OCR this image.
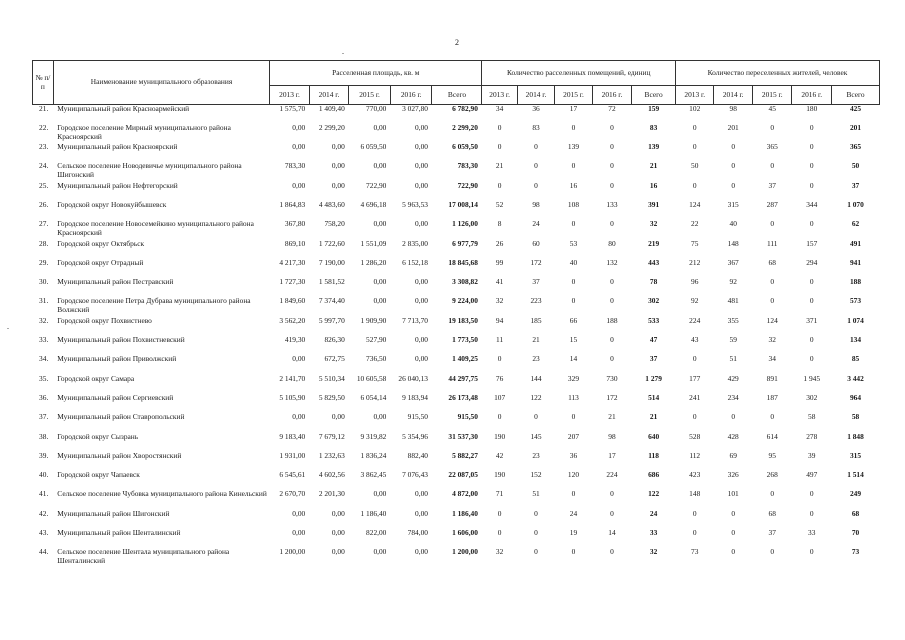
2
.
.
№ п/п	Наименование муниципального образования	Расселенная площадь, кв. м					Количество расселенных помещений, единиц					Количество переселенных жителей, человек				
		2013 г.	2014 г.	2015 г.	2016 г.	Всего	2013 г.	2014 г.	2015 г.	2016 г.	Всего	2013 г.	2014 г.	2015 г.	2016 г.	Всего
21.	Муниципальный район Красноармейский	1 575,70	1 409,40	770,00	3 027,80	6 782,90	34	36	17	72	159	102	98	45	180	425
22.	Городское поселение Мирный муниципального района Красноярский	0,00	2 299,20	0,00	0,00	2 299,20	0	83	0	0	83	0	201	0	0	201
23.	Муниципальный район Красноярский	0,00	0,00	6 059,50	0,00	6 059,50	0	0	139	0	139	0	0	365	0	365
24.	Сельское поселение Новодевичье муниципального района Шигонский	783,30	0,00	0,00	0,00	783,30	21	0	0	0	21	50	0	0	0	50
25.	Муниципальный район Нефтегорский	0,00	0,00	722,90	0,00	722,90	0	0	16	0	16	0	0	37	0	37
26.	Городской округ Новокуйбышевск	1 864,83	4 483,60	4 696,18	5 963,53	17 008,14	52	98	108	133	391	124	315	287	344	1 070
27.	Городское поселение Новосемейкино муниципального района Красноярский	367,80	758,20	0,00	0,00	1 126,00	8	24	0	0	32	22	40	0	0	62
28.	Городской округ Октябрьск	869,10	1 722,60	1 551,09	2 835,00	6 977,79	26	60	53	80	219	75	148	111	157	491
29.	Городской округ Отрадный	4 217,30	7 190,00	1 286,20	6 152,18	18 845,68	99	172	40	132	443	212	367	68	294	941
30.	Муниципальный район Пестравский	1 727,30	1 581,52	0,00	0,00	3 308,82	41	37	0	0	78	96	92	0	0	188
31.	Городское поселение Петра Дубрава муниципального района Волжский	1 849,60	7 374,40	0,00	0,00	9 224,00	32	223	0	0	302	92	481	0	0	573
32.	Городской округ Похвистнево	3 562,20	5 997,70	1 909,90	7 713,70	19 183,50	94	185	66	188	533	224	355	124	371	1 074
33.	Муниципальный район Похвистневский	419,30	826,30	527,90	0,00	1 773,50	11	21	15	0	47	43	59	32	0	134
34.	Муниципальный район Приволжский	0,00	672,75	736,50	0,00	1 409,25	0	23	14	0	37	0	51	34	0	85
35.	Городской округ Самара	2 141,70	5 510,34	10 605,58	26 040,13	44 297,75	76	144	329	730	1 279	177	429	891	1 945	3 442
36.	Муниципальный район Сергиевский	5 105,90	5 829,50	6 054,14	9 183,94	26 173,48	107	122	113	172	514	241	234	187	302	964
37.	Муниципальный район Ставропольский	0,00	0,00	0,00	915,50	915,50	0	0	0	21	21	0	0	0	58	58
38.	Городской округ Сызрань	9 183,40	7 679,12	9 319,82	5 354,96	31 537,30	190	145	207	98	640	528	428	614	278	1 848
39.	Муниципальный район Хворостянский	1 931,00	1 232,63	1 836,24	882,40	5 882,27	42	23	36	17	118	112	69	95	39	315
40.	Городской округ Чапаевск	6 545,61	4 602,56	3 862,45	7 076,43	22 087,05	190	152	120	224	686	423	326	268	497	1 514
41.	Сельское поселение Чубовка муниципального района Кинельский	2 670,70	2 201,30	0,00	0,00	4 872,00	71	51	0	0	122	148	101	0	0	249
42.	Муниципальный район Шигонский	0,00	0,00	1 186,40	0,00	1 186,40	0	0	24	0	24	0	0	68	0	68
43.	Муниципальный район Шенталинский	0,00	0,00	822,00	784,00	1 606,00	0	0	19	14	33	0	0	37	33	70
44.	Сельское поселение Шентала муниципального района Шенталинский	1 200,00	0,00	0,00	0,00	1 200,00	32	0	0	0	32	73	0	0	0	73
